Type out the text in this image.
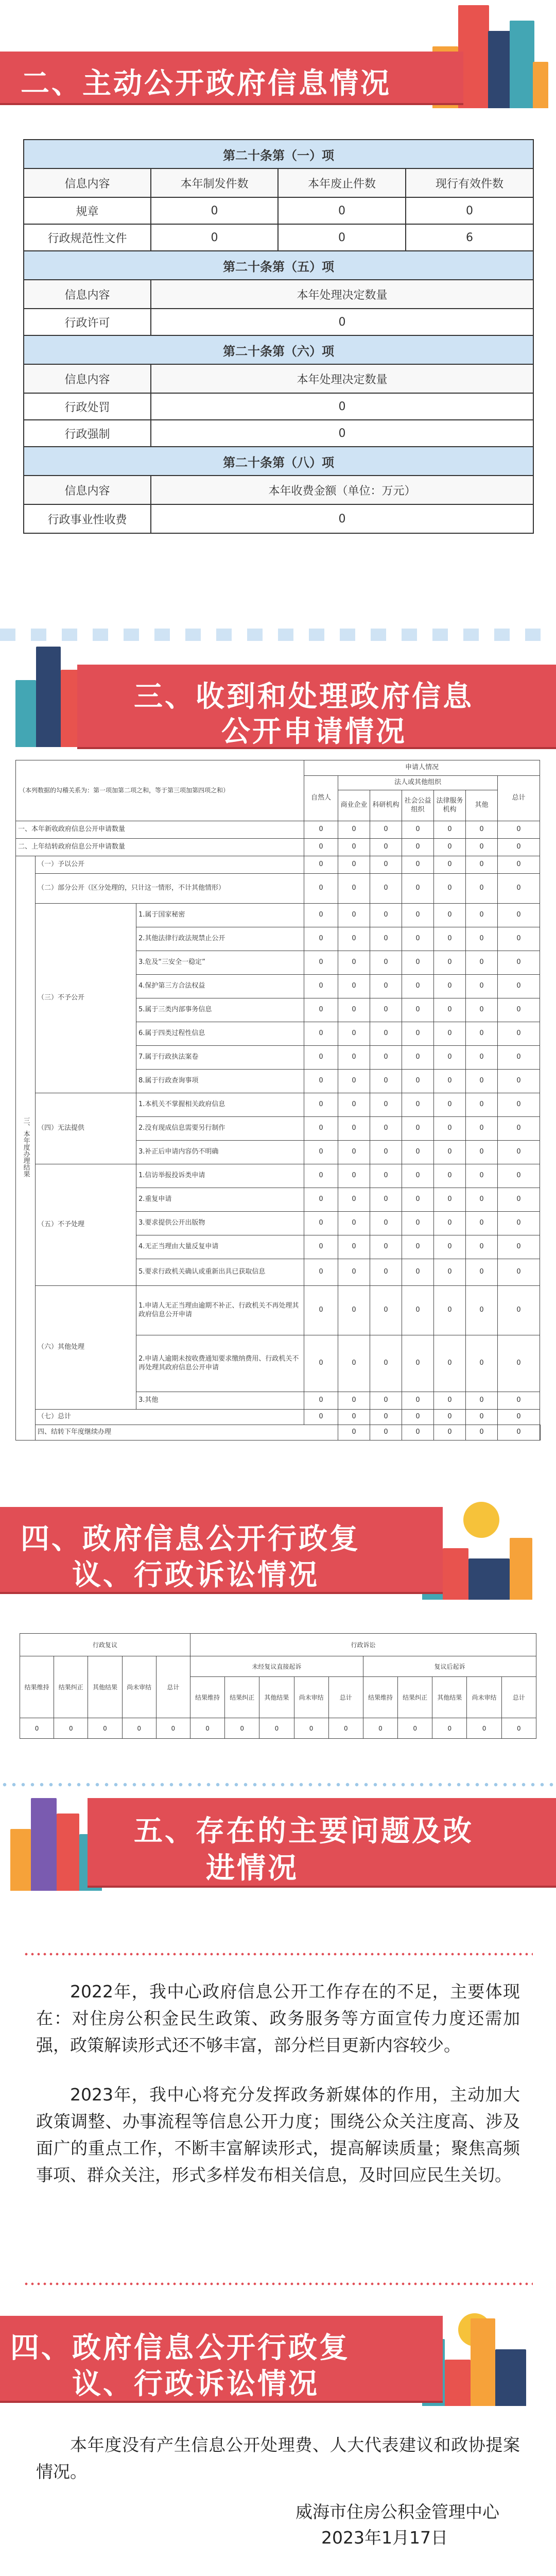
二、主动公开政府信息情况
第二十条第（一）项			
信息内容	本年制发件数	本年废止件数	现行有效件数
规章	0	0	0
行政规范性文件	0	0	6
第二十条第（五）项			
信息内容	本年处理决定数量		
行政许可	0		
第二十条第（六）项			
信息内容	本年处理决定数量		
行政处罚	0		
行政强制	0		
第二十条第（八）项			
信息内容	本年收费金额（单位：万元）		
行政事业性收费	0		
三、收到和处理政府信息
公开申请情况
（本列数据的勾稽关系为：第一项加第二项之和，等于第三项加第四项之和）			申请人情况							
			自然人	法人或其他组织					总计	
				商业企业	科研机构	社会公益组织	法律服务机构	其他		
一、本年新收政府信息公开申请数量			0	0	0	0	0	0	0	
二、上年结转政府信息公开申请数量			0	0	0	0	0	0	0	
三、本年度办理结果	（一）予以公开		0	0	0	0	0	0	0	
	（二）部分公开（区分处理的，只计这一情形，不计其他情形）		0	0	0	0	0	0	0	
	（三）不予公开	1.属于国家秘密	0	0	0	0	0	0	0	
		2.其他法律行政法规禁止公开	0	0	0	0	0	0	0	
		3.危及“三安全一稳定”	0	0	0	0	0	0	0	
		4.保护第三方合法权益	0	0	0	0	0	0	0	
		5.属于三类内部事务信息	0	0	0	0	0	0	0	
		6.属于四类过程性信息	0	0	0	0	0	0	0	
		7.属于行政执法案卷	0	0	0	0	0	0	0	
		8.属于行政查询事项	0	0	0	0	0	0	0	
	（四）无法提供	1.本机关不掌握相关政府信息	0	0	0	0	0	0	0	
		2.没有现成信息需要另行制作	0	0	0	0	0	0	0	
		3.补正后申请内容仍不明确	0	0	0	0	0	0	0	
	（五）不予处理	1.信访举报投诉类申请	0	0	0	0	0	0	0	
		2.重复申请	0	0	0	0	0	0	0	
		3.要求提供公开出版物	0	0	0	0	0	0	0	
		4.无正当理由大量反复申请	0	0	0	0	0	0	0	
		5.要求行政机关确认或重新出具已获取信息	0	0	0	0	0	0	0	
	（六）其他处理	1.申请人无正当理由逾期不补正、行政机关不再处理其政府信息公开申请	0	0	0	0	0	0	0	
		2.申请人逾期未按收费通知要求缴纳费用、行政机关不再处理其政府信息公开申请	0	0	0	0	0	0	0	
		3.其他	0	0	0	0	0	0	0	
	（七）总计		0	0	0	0	0	0	0	
	四、结转下年度继续办理			0	0	0	0	0	0	
四、政府信息公开行政复
议、行政诉讼情况
行政复议					行政诉讼									
结果维持	结果纠正	其他结果	尚未审结	总计	未经复议直接起诉					复议后起诉				
					结果维持	结果纠正	其他结果	尚未审结	总计	结果维持	结果纠正	其他结果	尚未审结	总计
0	0	0	0	0	0	0	0	0	0	0	0	0	0	0
五、存在的主要问题及改
进情况
2022年，我中心政府信息公开工作存在的不足，主要体现在：对住房公积金民生政策、政务服务等方面宣传力度还需加强，政策解读形式还不够丰富，部分栏目更新内容较少。
2023年，我中心将充分发挥政务新媒体的作用，主动加大政策调整、办事流程等信息公开力度；围绕公众关注度高、涉及面广的重点工作，不断丰富解读形式，提高解读质量；聚焦高频事项、群众关注，形式多样发布相关信息，及时回应民生关切。
四、政府信息公开行政复
议、行政诉讼情况
本年度没有产生信息公开处理费、人大代表建议和政协提案情况。
威海市住房公积金管理中心
2023年1月17日
